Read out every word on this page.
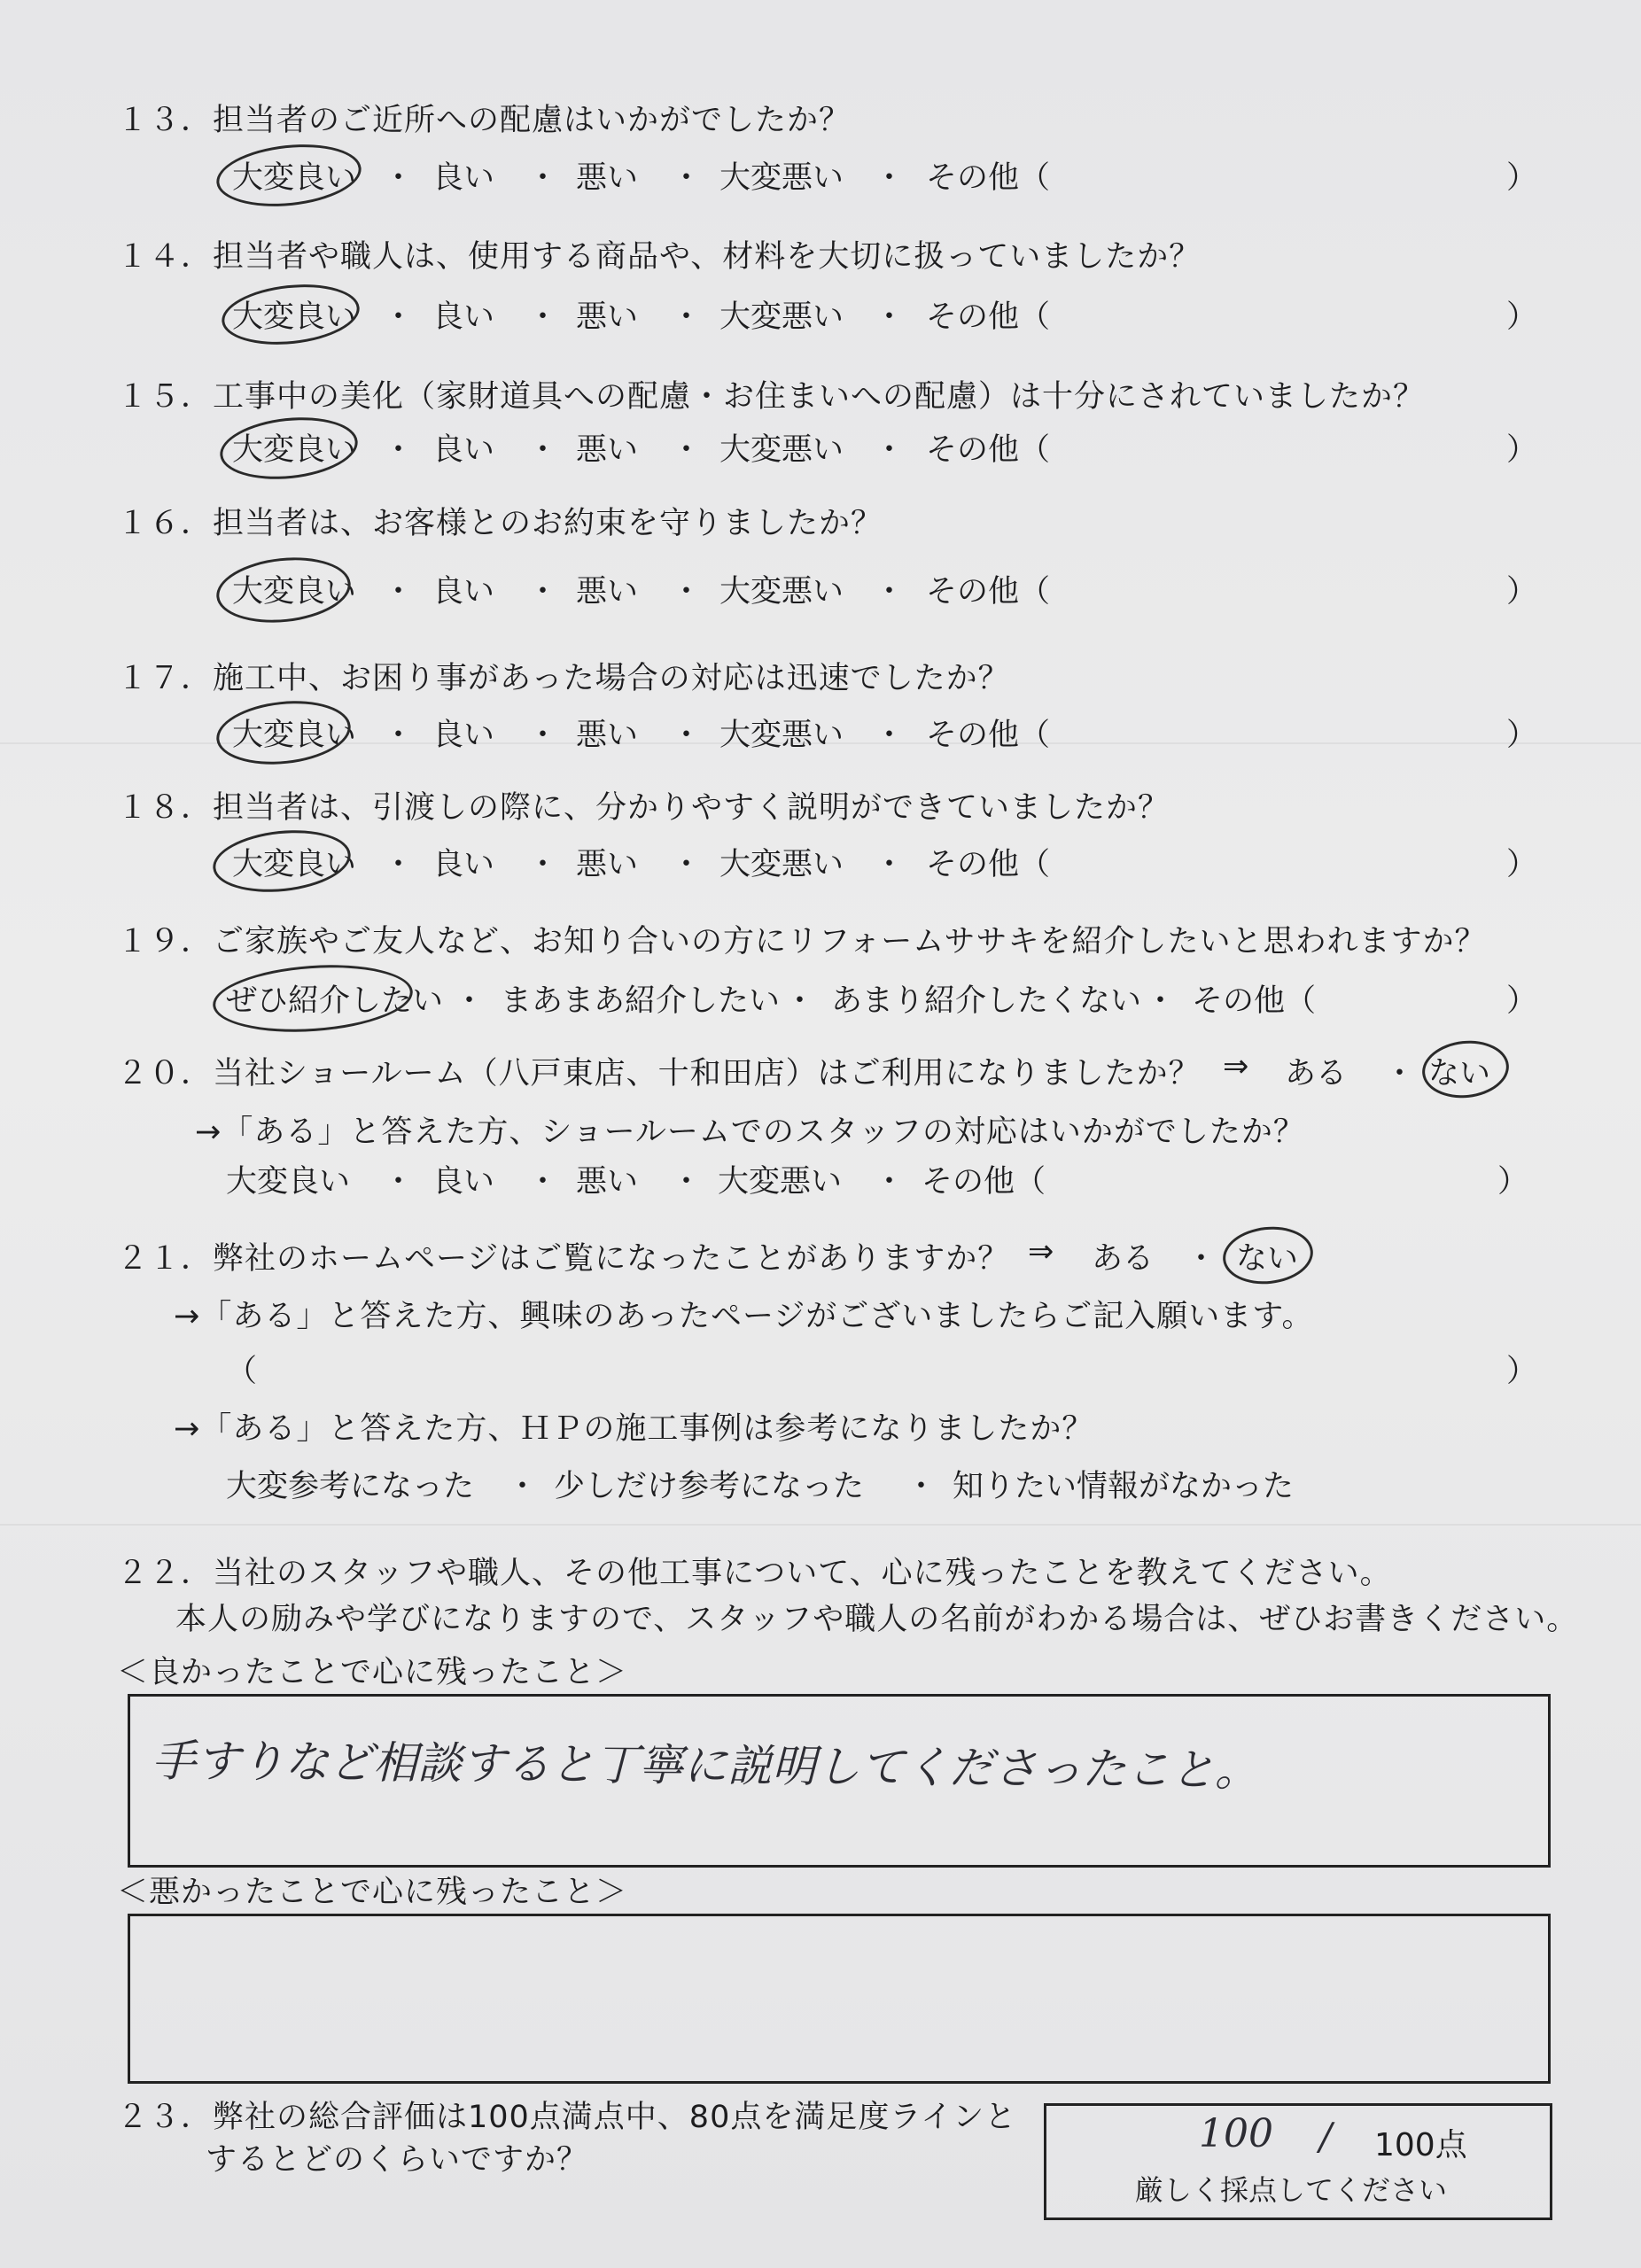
１３．担当者のご近所への配慮はいかがでしたか？
大変良い ・ 良い ・ 悪い ・ 大変悪い ・ その他（	）
１４．担当者や職人は、使用する商品や、材料を大切に扱っていましたか？
大変良い ・ 良い ・ 悪い ・ 大変悪い ・ その他（	）
１５．工事中の美化（家財道具への配慮・お住まいへの配慮）は十分にされていましたか？
大変良い ・ 良い ・ 悪い ・ 大変悪い ・ その他（	）
１６．担当者は、お客様とのお約束を守りましたか？
大変良い ・ 良い ・ 悪い ・ 大変悪い ・ その他（	）
１７．施工中、お困り事があった場合の対応は迅速でしたか？
大変良い ・ 良い ・ 悪い ・ 大変悪い ・ その他（	）
１８．担当者は、引渡しの際に、分かりやすく説明ができていましたか？
大変良い ・ 良い ・ 悪い ・ 大変悪い ・ その他（	）
１９．ご家族やご友人など、お知り合いの方にリフォームササキを紹介したいと思われますか？
ぜひ紹介したい ・ まあまあ紹介したい ・ あまり紹介したくない ・ その他（	）
２０．当社ショールーム（八戸東店、十和田店）はご利用になりましたか？ ⇒ ある ・ ない
→「ある」と答えた方、ショールームでのスタッフの対応はいかがでしたか？
大変良い ・ 良い ・ 悪い ・ 大変悪い ・ その他（	）
２１．弊社のホームページはご覧になったことがありますか？ ⇒ ある ・ ない
→「ある」と答えた方、興味のあったページがございましたらご記入願います。
（	）
→「ある」と答えた方、ＨＰの施工事例は参考になりましたか？
大変参考になった ・ 少しだけ参考になった ・ 知りたい情報がなかった
２２．当社のスタッフや職人、その他工事について、心に残ったことを教えてください。
本人の励みや学びになりますので、スタッフや職人の名前がわかる場合は、ぜひお書きください。
＜良かったことで心に残ったこと＞
手すりなど相談すると丁寧に説明してくださったこと。
＜悪かったことで心に残ったこと＞
２３．弊社の総合評価は100点満点中、80点を満足度ラインと
するとどのくらいですか？
100 / 100点
厳しく採点してください
